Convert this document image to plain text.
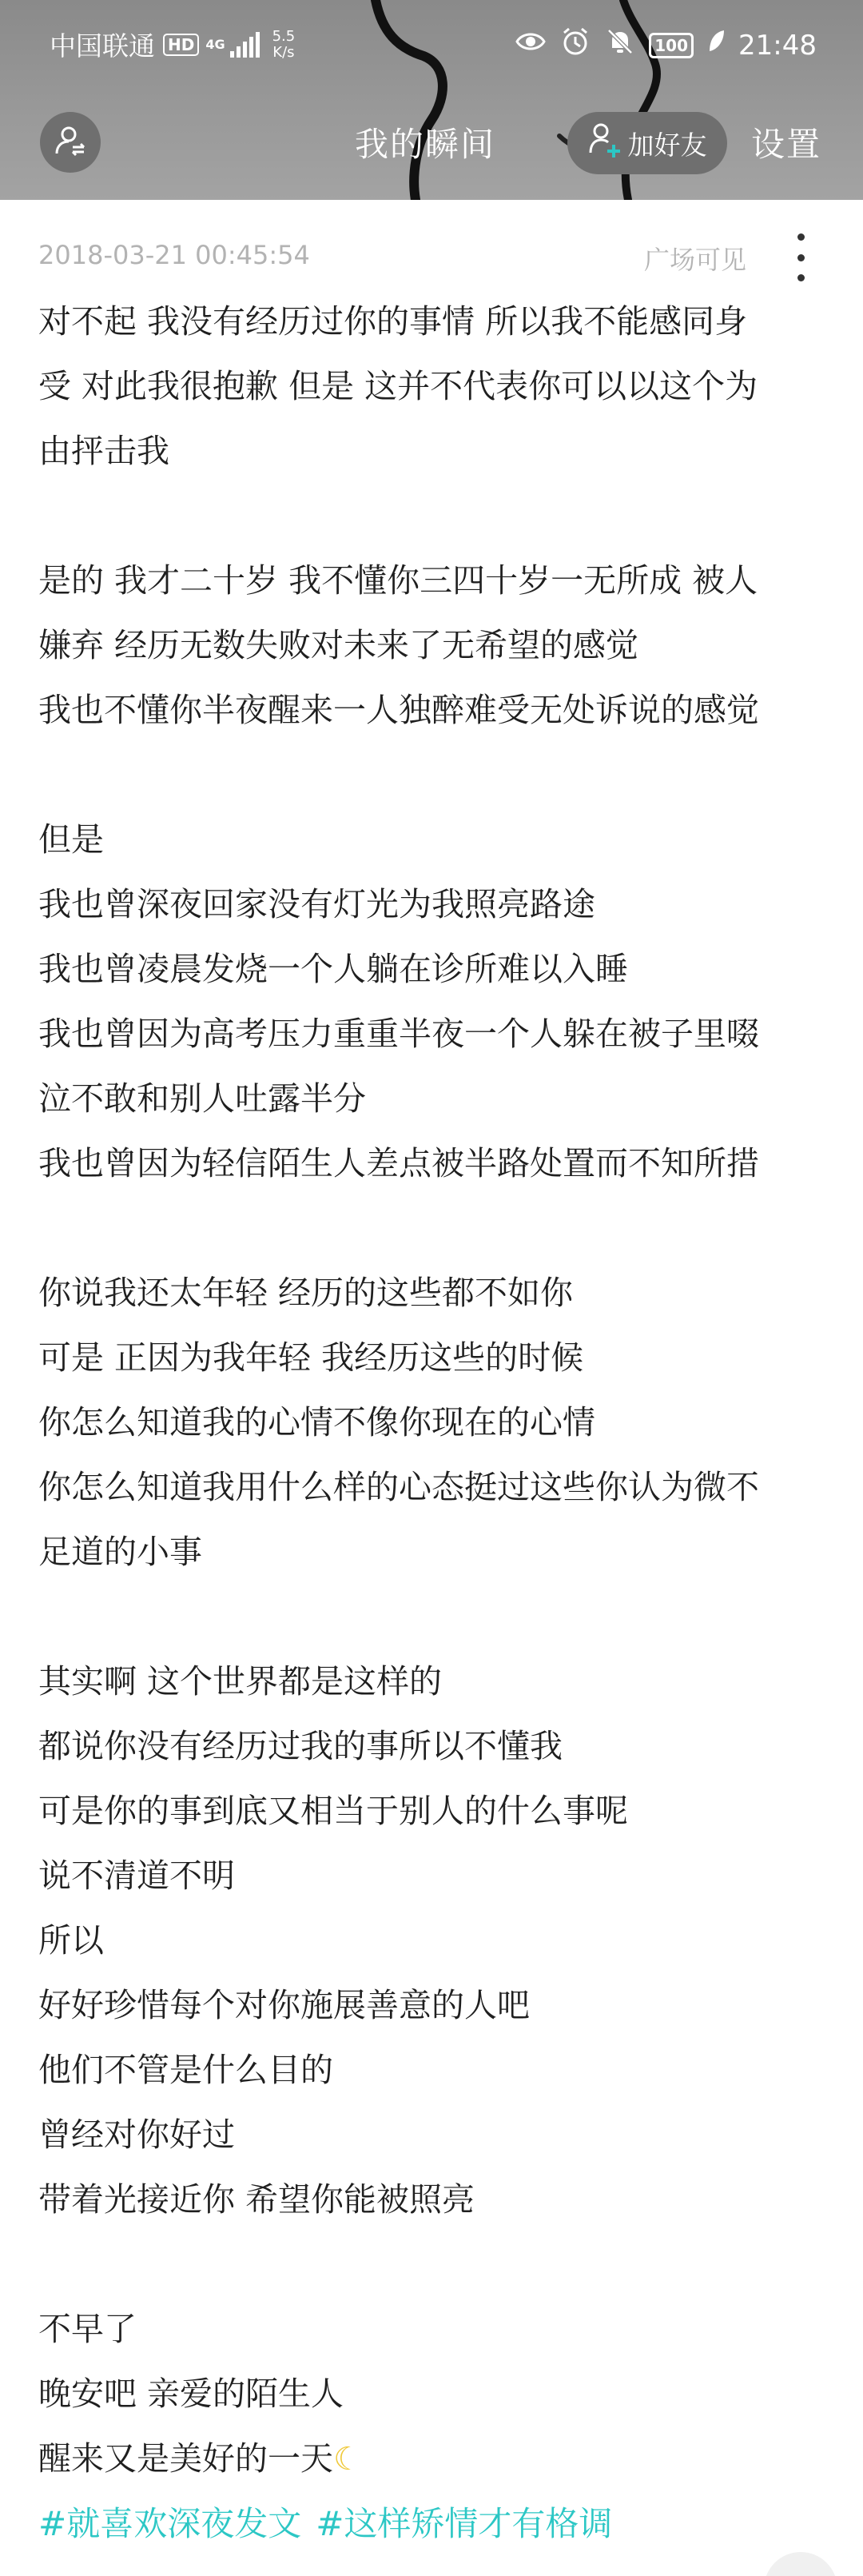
中国联通 HD 4G	5.5
K/s	100 21:48
我的瞬间	加好友 设置
2018-03-21 00:45:54	广场可见
对不起 我没有经历过你的事情 所以我不能感同身
受 对此我很抱歉 但是 这并不代表你可以以这个为
由抨击我
是的 我才二十岁 我不懂你三四十岁一无所成 被人
嫌弃 经历无数失败对未来了无希望的感觉
我也不懂你半夜醒来一人独醉难受无处诉说的感觉
但是
我也曾深夜回家没有灯光为我照亮路途
我也曾凌晨发烧一个人躺在诊所难以入睡
我也曾因为高考压力重重半夜一个人躲在被子里啜
泣不敢和别人吐露半分
我也曾因为轻信陌生人差点被半路处置而不知所措
你说我还太年轻 经历的这些都不如你
可是 正因为我年轻 我经历这些的时候
你怎么知道我的心情不像你现在的心情
你怎么知道我用什么样的心态挺过这些你认为微不
足道的小事
其实啊 这个世界都是这样的
都说你没有经历过我的事所以不懂我
可是你的事到底又相当于别人的什么事呢
说不清道不明
所以
好好珍惜每个对你施展善意的人吧
他们不管是什么目的
曾经对你好过
带着光接近你 希望你能被照亮
不早了
晚安吧 亲爱的陌生人
醒来又是美好的一天☾
#就喜欢深夜发文 #这样矫情才有格调
